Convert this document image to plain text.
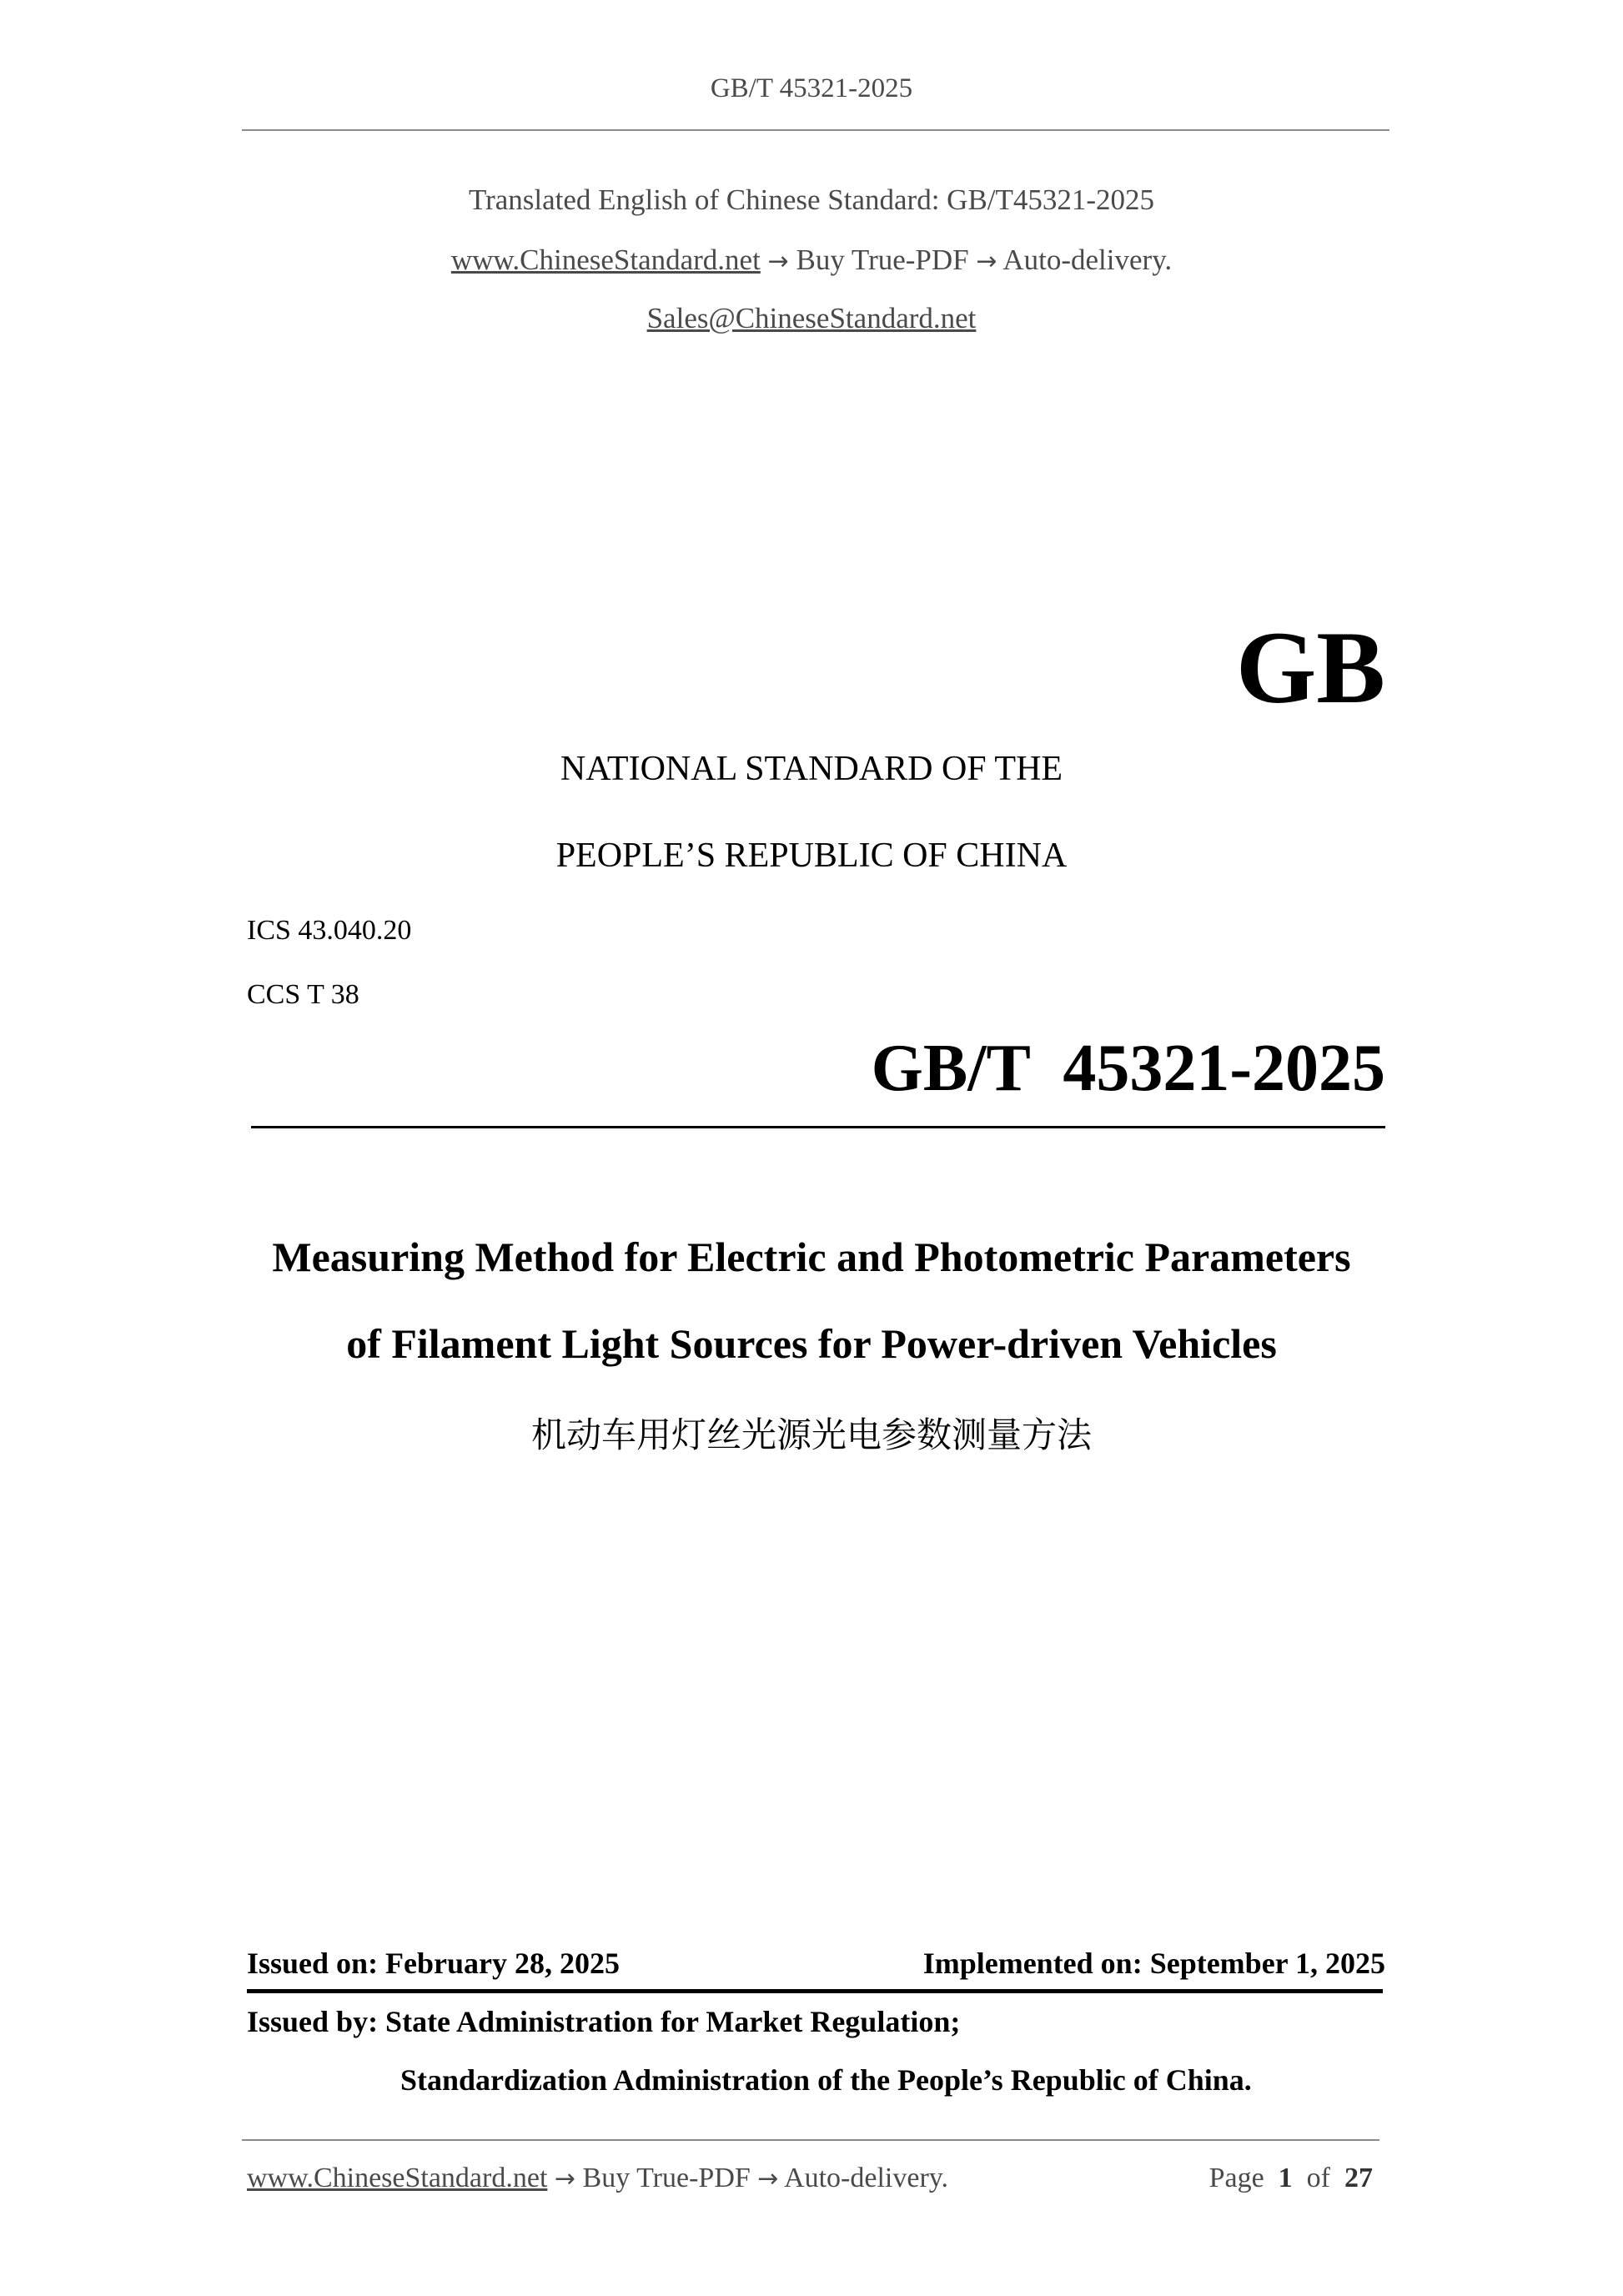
GB/T 45321-2025
Translated English of Chinese Standard: GB/T45321-2025
www.ChineseStandard.net → Buy True-PDF → Auto-delivery.
Sales@ChineseStandard.net
GB
NATIONAL STANDARD OF THE
PEOPLE’S REPUBLIC OF CHINA
ICS 43.040.20
CCS T 38
GB/T  45321-2025
Measuring Method for Electric and Photometric Parameters
of Filament Light Sources for Power-driven Vehicles
机动车用灯丝光源光电参数测量方法
Issued on: February 28, 2025	Implemented on: September 1, 2025
Issued by: State Administration for Market Regulation;
Standardization Administration of the People’s Republic of China.
www.ChineseStandard.net → Buy True-PDF → Auto-delivery.	Page 1 of 27
